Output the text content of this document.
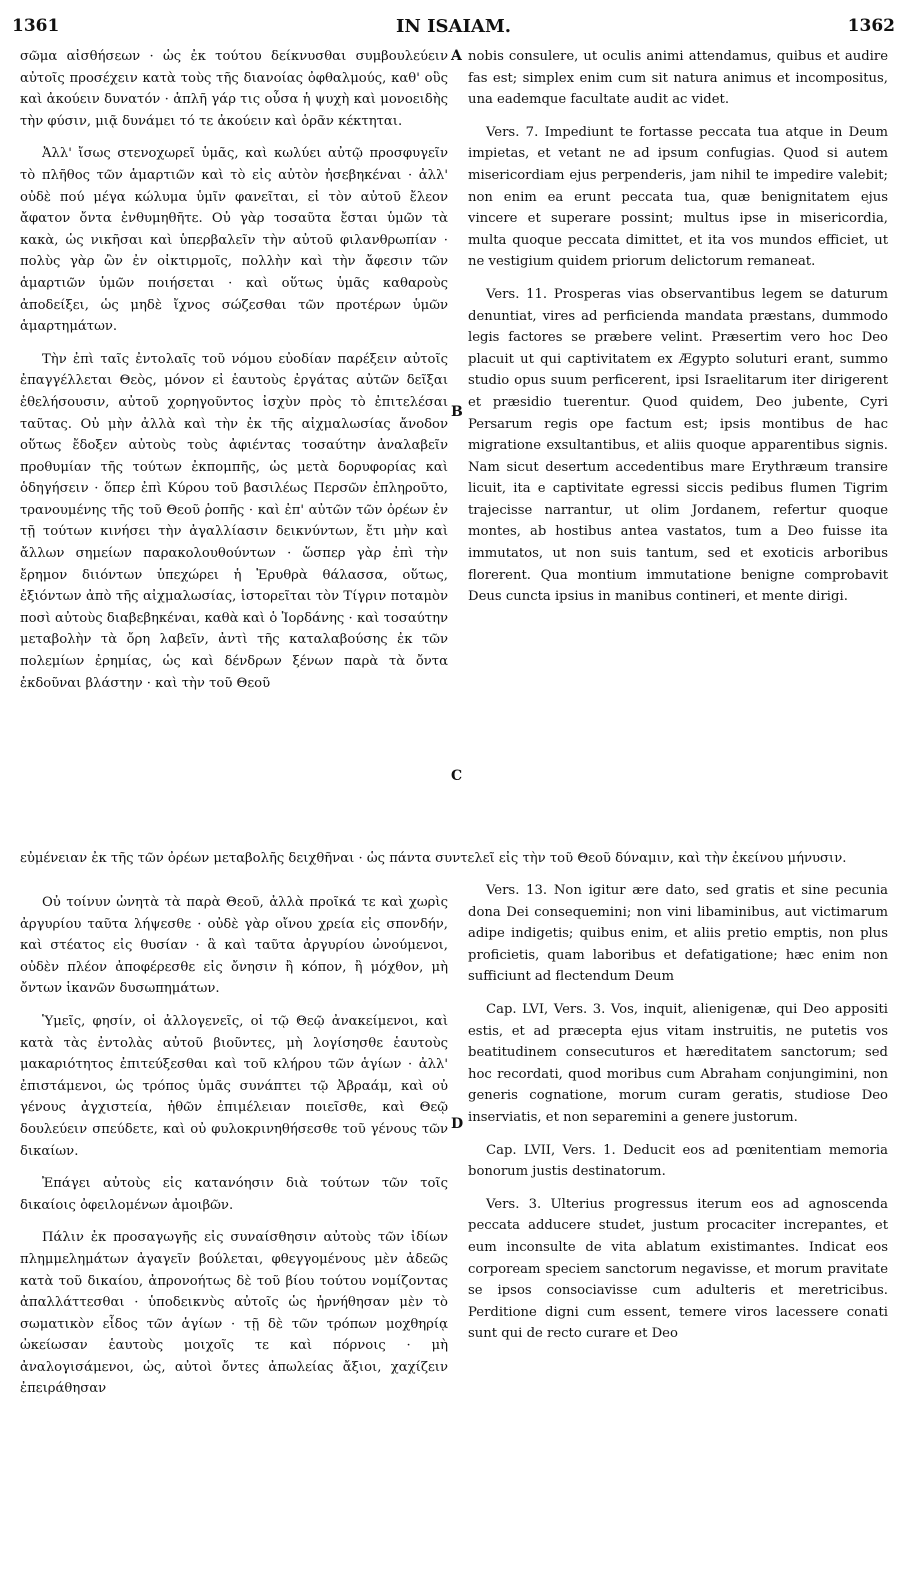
1361	IN ISAIAM.	1362
A
B
C
D

σῶμα αἰσθήσεων · ὡς ἐκ τούτου δείκνυσθαι συμβουλεύειν αὐτοῖς προσέχειν κατὰ τοὺς τῆς διανοίας ὀφθαλμούς, καθ' οὓς καὶ ἀκούειν δυνατόν · ἁπλῆ γάρ τις οὖσα ἡ ψυχὴ καὶ μονοειδὴς τὴν φύσιν, μιᾷ δυνάμει τό τε ἀκούειν καὶ ὁρᾶν κέκτηται.

Ἀλλ' ἴσως στενοχωρεῖ ὑμᾶς, καὶ κωλύει αὐτῷ προσφυγεῖν τὸ πλῆθος τῶν ἁμαρτιῶν καὶ τὸ εἰς αὐτὸν ἠσεβηκέναι · ἀλλ' οὐδὲ πού μέγα κώλυμα ὑμῖν φανεῖται, εἰ τὸν αὐτοῦ ἔλεον ἄφατον ὄντα ἐνθυμηθῆτε. Οὐ γὰρ τοσαῦτα ἔσται ὑμῶν τὰ κακὰ, ὡς νικῆσαι καὶ ὑπερβαλεῖν τὴν αὐτοῦ φιλανθρωπίαν · πολὺς γὰρ ὢν ἐν οἰκτιρμοῖς, πολλὴν καὶ τὴν ἄφεσιν τῶν ἁμαρτιῶν ὑμῶν ποιήσεται · καὶ οὕτως ὑμᾶς καθαροὺς ἀποδείξει, ὡς μηδὲ ἴχνος σώζεσθαι τῶν προτέρων ὑμῶν ἁμαρτημάτων.

Τὴν ἐπὶ ταῖς ἐντολαῖς τοῦ νόμου εὐοδίαν παρέξειν αὐτοῖς ἐπαγγέλλεται Θεὸς, μόνον εἰ ἑαυτοὺς ἐργάτας αὐτῶν δεῖξαι ἐθελήσουσιν, αὐτοῦ χορηγοῦντος ἰσχὺν πρὸς τὸ ἐπιτελέσαι ταῦτας. Οὐ μὴν ἀλλὰ καὶ τὴν ἐκ τῆς αἰχμαλωσίας ἄνοδον οὕτως ἔδοξεν αὐτοὺς τοὺς ἀφιέντας τοσαύτην ἀναλαβεῖν προθυμίαν τῆς τούτων ἐκπομπῆς, ὡς μετὰ δορυφορίας καὶ ὁδηγήσειν · ὅπερ ἐπὶ Κύρου τοῦ βασιλέως Περσῶν ἐπληροῦτο, τρανουμένης τῆς τοῦ Θεοῦ ῥοπῆς · καὶ ἐπ' αὐτῶν τῶν ὀρέων ἐν τῇ τούτων κινήσει τὴν ἀγαλλίασιν δεικνύντων, ἔτι μὴν καὶ ἄλλων σημείων παρακολουθούντων · ὥσπερ γὰρ ἐπὶ τὴν ἔρημον διιόντων ὑπεχώρει ἡ Ἐρυθρὰ θάλασσα, οὕτως, ἐξιόντων ἀπὸ τῆς αἰχμαλωσίας, ἱστορεῖται τὸν Τίγριν ποταμὸν ποσὶ αὐτοὺς διαβεβηκέναι, καθὰ καὶ ὁ Ἰορδάνης · καὶ τοσαύτην μεταβολὴν τὰ ὄρη λαβεῖν, ἀντὶ τῆς καταλαβούσης ἐκ τῶν πολεμίων ἐρημίας, ὡς καὶ δένδρων ξένων παρὰ τὰ ὄντα ἐκδοῦναι βλάστην · καὶ τὴν τοῦ Θεοῦ

nobis consulere, ut oculis animi attendamus, quibus et audire fas est; simplex enim cum sit natura animus et incompositus, una eademque facultate audit ac videt.

Vers. 7. Impediunt te fortasse peccata tua atque in Deum impietas, et vetant ne ad ipsum confugias. Quod si autem misericordiam ejus perpenderis, jam nihil te impedire valebit; non enim ea erunt peccata tua, quæ benignitatem ejus vincere et superare possint; multus ipse in misericordia, multa quoque peccata dimittet, et ita vos mundos efficiet, ut ne vestigium quidem priorum delictorum remaneat.

Vers. 11. Prosperas vias observantibus legem se daturum denuntiat, vires ad perficienda mandata præstans, dummodo legis factores se præbere velint. Præsertim vero hoc Deo placuit ut qui captivitatem ex Ægypto soluturi erant, summo studio opus suum perficerent, ipsi Israelitarum iter dirigerent et præsidio tuerentur. Quod quidem, Deo jubente, Cyri Persarum regis ope factum est; ipsis montibus de hac migratione exsultantibus, et aliis quoque apparentibus signis. Nam sicut desertum accedentibus mare Erythræum transire licuit, ita e captivitate egressi siccis pedibus flumen Tigrim trajecisse narrantur, ut olim Jordanem, refertur quoque montes, ab hostibus antea vastatos, tum a Deo fuisse ita immutatos, ut non suis tantum, sed et exoticis arboribus florerent. Qua montium immutatione benigne comprobavit Deus cuncta ipsius in manibus contineri, et mente dirigi.

εὐμένειαν ἐκ τῆς τῶν ὀρέων μεταβολῆς δειχθῆναι · ὡς πάντα συντελεῖ εἰς τὴν τοῦ Θεοῦ δύναμιν, καὶ τὴν ἐκείνου μήνυσιν.

Οὐ τοίνυν ὠνητὰ τὰ παρὰ Θεοῦ, ἀλλὰ προῖκά τε καὶ χωρὶς ἀργυρίου ταῦτα λήψεσθε · οὐδὲ γὰρ οἴνου χρεία εἰς σπονδήν, καὶ στέατος εἰς θυσίαν · ἃ καὶ ταῦτα ἀργυρίου ὠνούμενοι, οὐδὲν πλέον ἀποφέρεσθε εἰς ὄνησιν ἢ κόπον, ἢ μόχθον, μὴ ὄντων ἱκανῶν δυσωπημάτων.

Ὑμεῖς, φησίν, οἱ ἀλλογενεῖς, οἱ τῷ Θεῷ ἀνακείμενοι, καὶ κατὰ τὰς ἐντολὰς αὐτοῦ βιοῦντες, μὴ λογίσησθε ἑαυτοὺς μακαριότητος ἐπιτεύξεσθαι καὶ τοῦ κλήρου τῶν ἁγίων · ἀλλ' ἐπιστάμενοι, ὡς τρόπος ὑμᾶς συνάπτει τῷ Ἀβραάμ, καὶ οὐ γένους ἀγχιστεία, ἠθῶν ἐπιμέλειαν ποιεῖσθε, καὶ Θεῷ δουλεύειν σπεύδετε, καὶ οὐ φυλοκρινηθήσεσθε τοῦ γένους τῶν δικαίων.

Ἐπάγει αὐτοὺς εἰς κατανόησιν διὰ τούτων τῶν τοῖς δικαίοις ὀφειλομένων ἀμοιβῶν.

Πάλιν ἐκ προσαγωγῆς εἰς συναίσθησιν αὐτοὺς τῶν ἰδίων πλημμελημάτων ἀγαγεῖν βούλεται, φθεγγομένους μὲν ἀδεῶς κατὰ τοῦ δικαίου, ἀπρονοήτως δὲ τοῦ βίου τούτου νομίζοντας ἀπαλλάττεσθαι · ὑποδεικνὺς αὐτοῖς ὡς ἠρνήθησαν μὲν τὸ σωματικὸν εἶδος τῶν ἁγίων · τῇ δὲ τῶν τρόπων μοχθηρίᾳ ὠκείωσαν ἑαυτοὺς μοιχοῖς τε καὶ πόρνοις · μὴ ἀναλογισάμενοι, ὡς, αὐτοὶ ὄντες ἀπωλείας ἄξιοι, χαχίζειν ἐπειράθησαν

Vers. 13. Non igitur ære dato, sed gratis et sine pecunia dona Dei consequemini; non vini libaminibus, aut victimarum adipe indigetis; quibus enim, et aliis pretio emptis, non plus proficietis, quam laboribus et defatigatione; hæc enim non sufficiunt ad flectendum Deum

Cap. LVI, Vers. 3. Vos, inquit, alienigenæ, qui Deo appositi estis, et ad præcepta ejus vitam instruitis, ne putetis vos beatitudinem consecuturos et hæreditatem sanctorum; sed hoc recordati, quod moribus cum Abraham conjungimini, non generis cognatione, morum curam geratis, studiose Deo inserviatis, et non separemini a genere justorum.

Cap. LVII, Vers. 1. Deducit eos ad pœnitentiam memoria bonorum justis destinatorum.

Vers. 3. Ulterius progressus iterum eos ad agnoscenda peccata adducere studet, justum procaciter increpantes, et eum inconsulte de vita ablatum existimantes. Indicat eos corpoream speciem sanctorum negavisse, et morum pravitate se ipsos consociavisse cum adulteris et meretricibus. Perditione digni cum essent, temere viros lacessere conati sunt qui de recto curare et Deo
